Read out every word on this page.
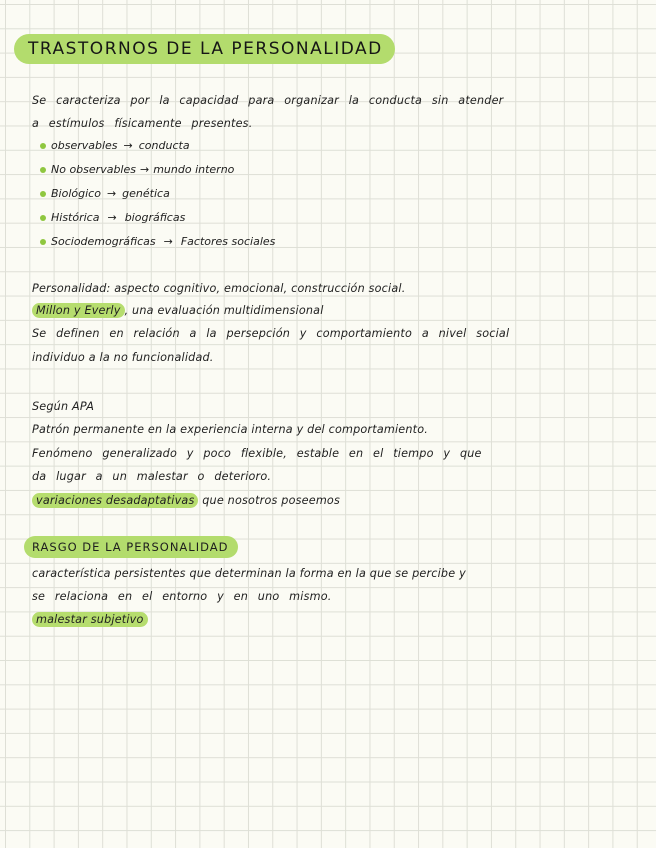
TRASTORNOS DE LA PERSONALIDAD
Se caracteriza por la capacidad para organizar la conducta sin atender
a estímulos físicamente presentes.
observables → conducta
No observables → mundo interno
Biológico → genética
Histórica → biográficas
Sociodemográficas → Factores sociales
Personalidad: aspecto cognitivo, emocional, construcción social.
Millon y Everly , una evaluación multidimensional
Se definen en relación a la persepción y comportamiento a nivel social
individuo a la no funcionalidad.
Según APA
Patrón permanente en la experiencia interna y del comportamiento.
Fenómeno generalizado y poco flexible, estable en el tiempo y que
da lugar a un malestar o deterioro.
variaciones desadaptativas que nosotros poseemos
RASGO DE LA PERSONALIDAD
característica persistentes que determinan la forma en la que se percibe y
se relaciona en el entorno y en uno mismo.
malestar subjetivo
